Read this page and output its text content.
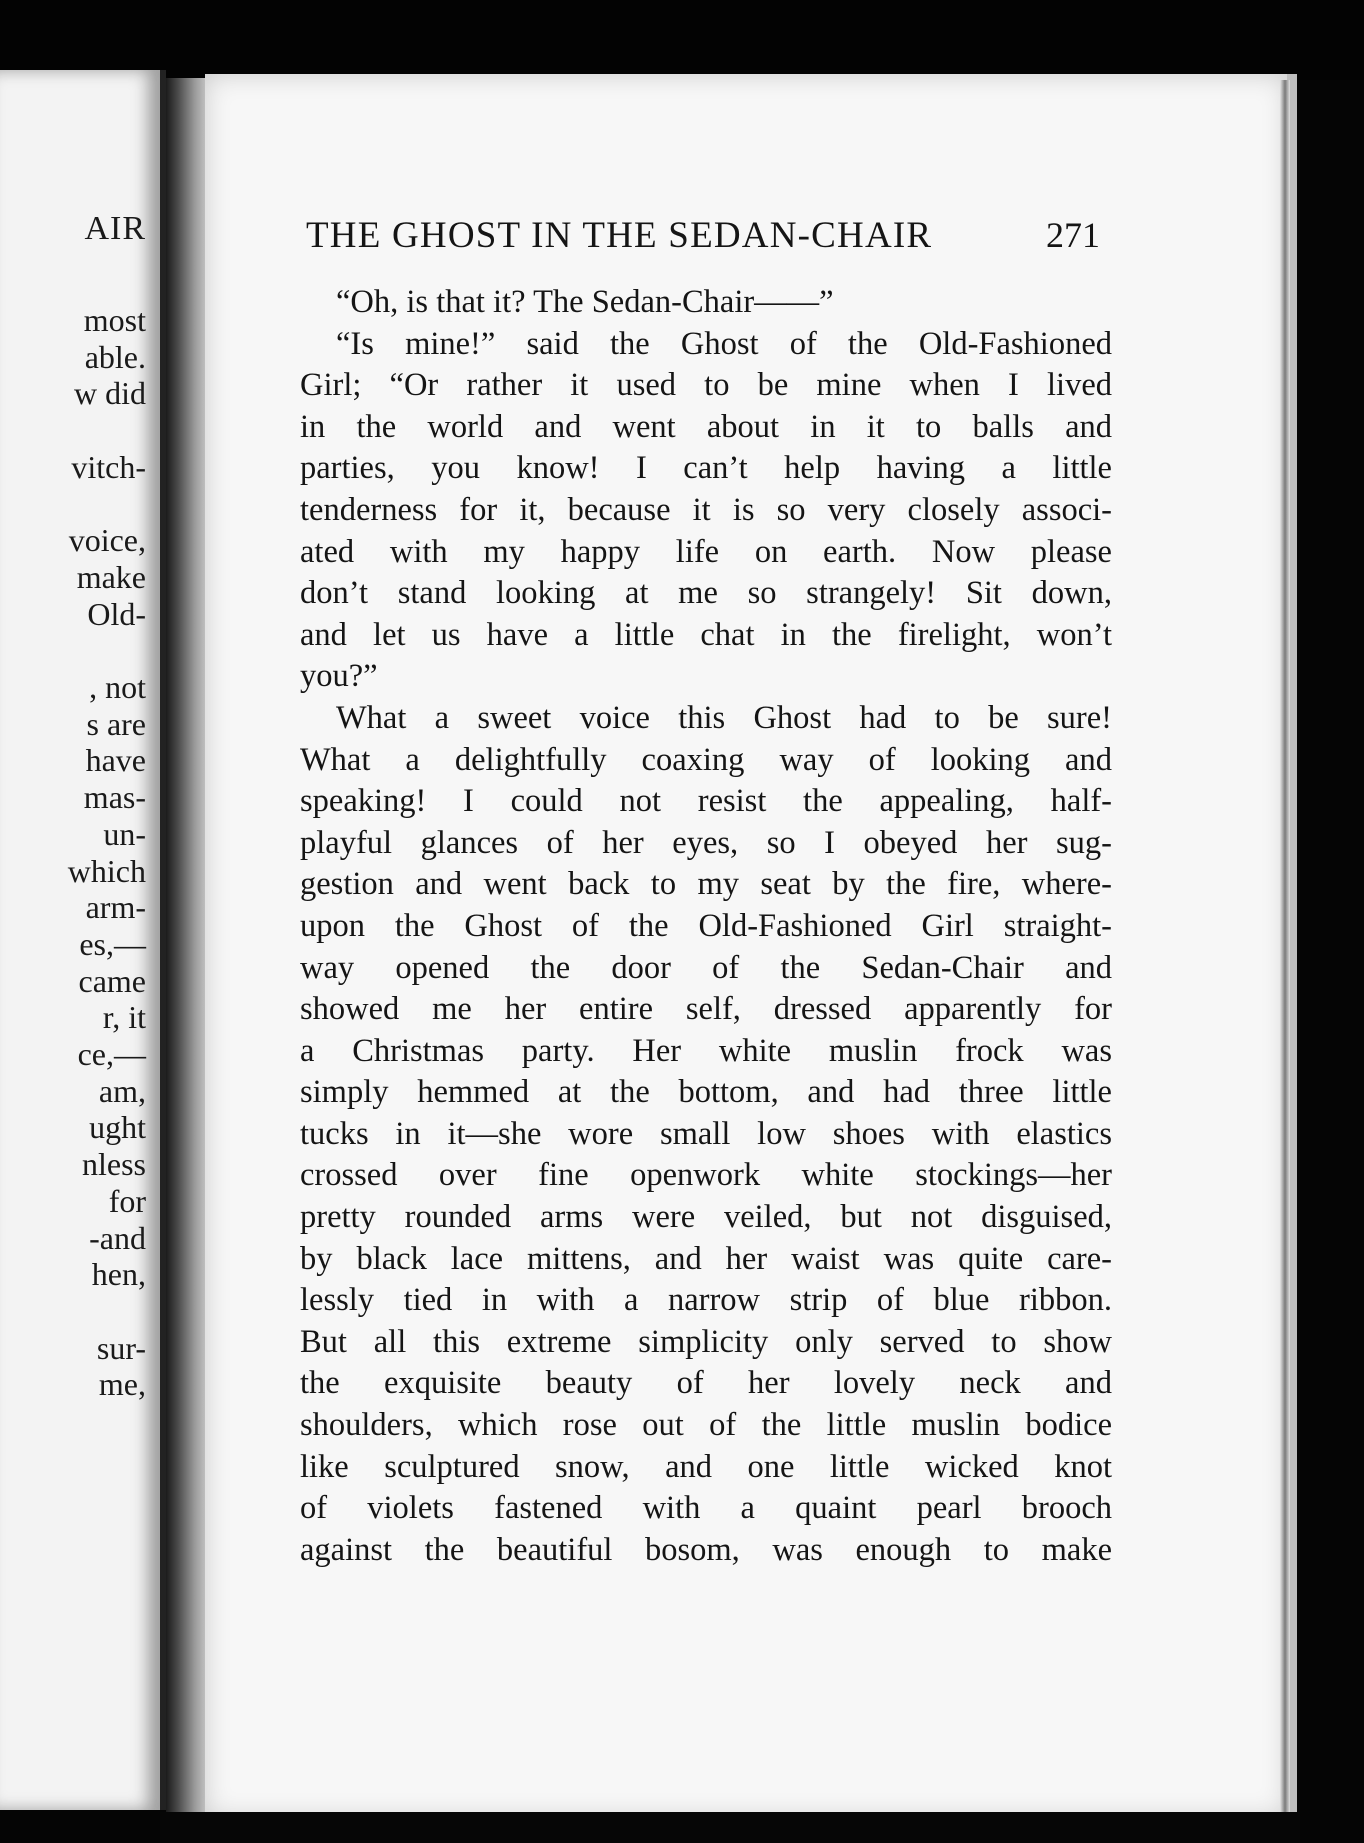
AIR
most
able.
w did
vitch-
voice,
make
Old-
, not
s are
have
mas-
un-
which
arm-
es,—
came
r, it
ce,—
am,
ught
nless
for
-and
hen,
sur-
me,
THE GHOST IN THE SEDAN-CHAIR	271
“Oh, is that it? The Sedan-Chair——”
“Is mine!” said the Ghost of the Old-Fashioned
Girl; “Or rather it used to be mine when I lived
in the world and went about in it to balls and
parties, you know! I can’t help having a little
tenderness for it, because it is so very closely associ-
ated with my happy life on earth. Now please
don’t stand looking at me so strangely! Sit down,
and let us have a little chat in the firelight, won’t
you?”
What a sweet voice this Ghost had to be sure!
What a delightfully coaxing way of looking and
speaking! I could not resist the appealing, half-
playful glances of her eyes, so I obeyed her sug-
gestion and went back to my seat by the fire, where-
upon the Ghost of the Old-Fashioned Girl straight-
way opened the door of the Sedan-Chair and
showed me her entire self, dressed apparently for
a Christmas party. Her white muslin frock was
simply hemmed at the bottom, and had three little
tucks in it—she wore small low shoes with elastics
crossed over fine openwork white stockings—her
pretty rounded arms were veiled, but not disguised,
by black lace mittens, and her waist was quite care-
lessly tied in with a narrow strip of blue ribbon.
But all this extreme simplicity only served to show
the exquisite beauty of her lovely neck and
shoulders, which rose out of the little muslin bodice
like sculptured snow, and one little wicked knot
of violets fastened with a quaint pearl brooch
against the beautiful bosom, was enough to make
